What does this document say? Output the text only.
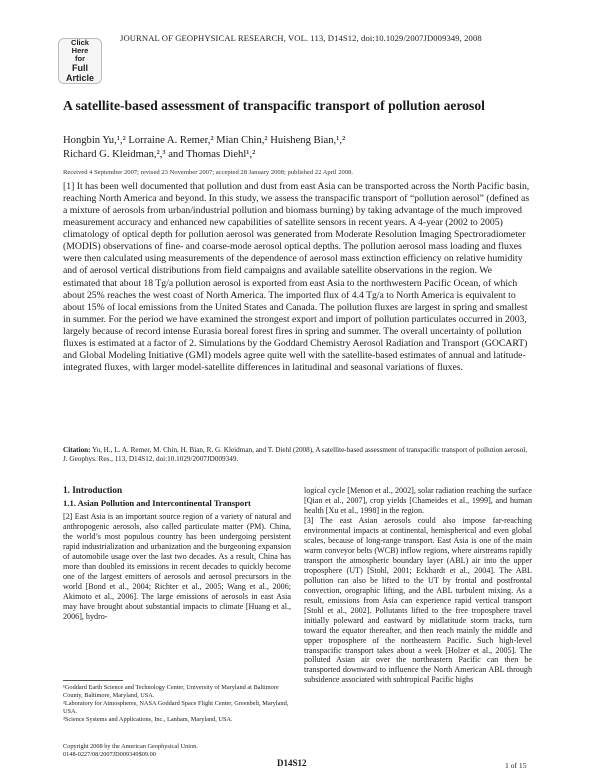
Click
Here
for
Full
Article
JOURNAL OF GEOPHYSICAL RESEARCH, VOL. 113, D14S12, doi:10.1029/2007JD009349, 2008
A satellite-based assessment of transpacific transport of pollution aerosol
Hongbin Yu,¹,² Lorraine A. Remer,² Mian Chin,² Huisheng Bian,¹,²
Richard G. Kleidman,²,³ and Thomas Diehl¹,²
Received 4 September 2007; revised 23 November 2007; accepted 28 January 2008; published 22 April 2008.
[1] It has been well documented that pollution and dust from east Asia can be transported across the North Pacific basin, reaching North America and beyond. In this study, we assess the transpacific transport of “pollution aerosol” (defined as a mixture of aerosols from urban/industrial pollution and biomass burning) by taking advantage of the much improved measurement accuracy and enhanced new capabilities of satellite sensors in recent years. A 4-year (2002 to 2005) climatology of optical depth for pollution aerosol was generated from Moderate Resolution Imaging Spectroradiometer (MODIS) observations of fine- and coarse-mode aerosol optical depths. The pollution aerosol mass loading and fluxes were then calculated using measurements of the dependence of aerosol mass extinction efficiency on relative humidity and of aerosol vertical distributions from field campaigns and available satellite observations in the region. We estimated that about 18 Tg/a pollution aerosol is exported from east Asia to the northwestern Pacific Ocean, of which about 25% reaches the west coast of North America. The imported flux of 4.4 Tg/a to North America is equivalent to about 15% of local emissions from the United States and Canada. The pollution fluxes are largest in spring and smallest in summer. For the period we have examined the strongest export and import of pollution particulates occurred in 2003, largely because of record intense Eurasia boreal forest fires in spring and summer. The overall uncertainty of pollution fluxes is estimated at a factor of 2. Simulations by the Goddard Chemistry Aerosol Radiation and Transport (GOCART) and Global Modeling Initiative (GMI) models agree quite well with the satellite-based estimates of annual and latitude-integrated fluxes, with larger model-satellite differences in latitudinal and seasonal variations of fluxes.
Citation: Yu, H., L. A. Remer, M. Chin, H. Bian, R. G. Kleidman, and T. Diehl (2008), A satellite-based assessment of transpacific transport of pollution aerosol, J. Geophys. Res., 113, D14S12, doi:10.1029/2007JD009349.
1. Introduction
1.1. Asian Pollution and Intercontinental Transport
[2] East Asia is an important source region of a variety of natural and anthropogenic aerosols, also called particulate matter (PM). China, the world’s most populous country has been undergoing persistent rapid industrialization and urbanization and the burgeoning expansion of automobile usage over the last two decades. As a result, China has more than doubled its emissions in recent decades to quickly become one of the largest emitters of aerosols and aerosol precursors in the world [Bond et al., 2004; Richter et al., 2005; Wang et al., 2006; Akimoto et al., 2006]. The large emissions of aerosols in east Asia may have brought about substantial impacts to climate [Huang et al., 2006], hydro-
logical cycle [Menon et al., 2002], solar radiation reaching the surface [Qian et al., 2007], crop yields [Chameides et al., 1999], and human health [Xu et al., 1998] in the region.
[3] The east Asian aerosols could also impose far-reaching environmental impacts at continental, hemispherical and even global scales, because of long-range transport. East Asia is one of the main warm conveyor belts (WCB) inflow regions, where airstreams rapidly transport the atmospheric boundary layer (ABL) air into the upper troposphere (UT) [Stohl, 2001; Eckhardt et al., 2004]. The ABL pollution can also be lifted to the UT by frontal and postfrontal convection, orographic lifting, and the ABL turbulent mixing. As a result, emissions from Asia can experience rapid vertical transport [Stohl et al., 2002]. Pollutants lifted to the free troposphere travel initially poleward and eastward by midlatitude storm tracks, turn toward the equator thereafter, and then reach mainly the middle and upper troposphere of the northeastern Pacific. Such high-level transpacific transport takes about a week [Holzer et al., 2005]. The polluted Asian air over the northeastern Pacific can then be transported downward to influence the North American ABL through subsidence associated with subtropical Pacific highs
¹Goddard Earth Science and Technology Center, University of Maryland at Baltimore County, Baltimore, Maryland, USA.
²Laboratory for Atmospheres, NASA Goddard Space Flight Center, Greenbelt, Maryland, USA.
³Science Systems and Applications, Inc., Lanham, Maryland, USA.
Copyright 2008 by the American Geophysical Union.
0148-0227/08/2007JD009349$09.00
D14S12	1 of 15
